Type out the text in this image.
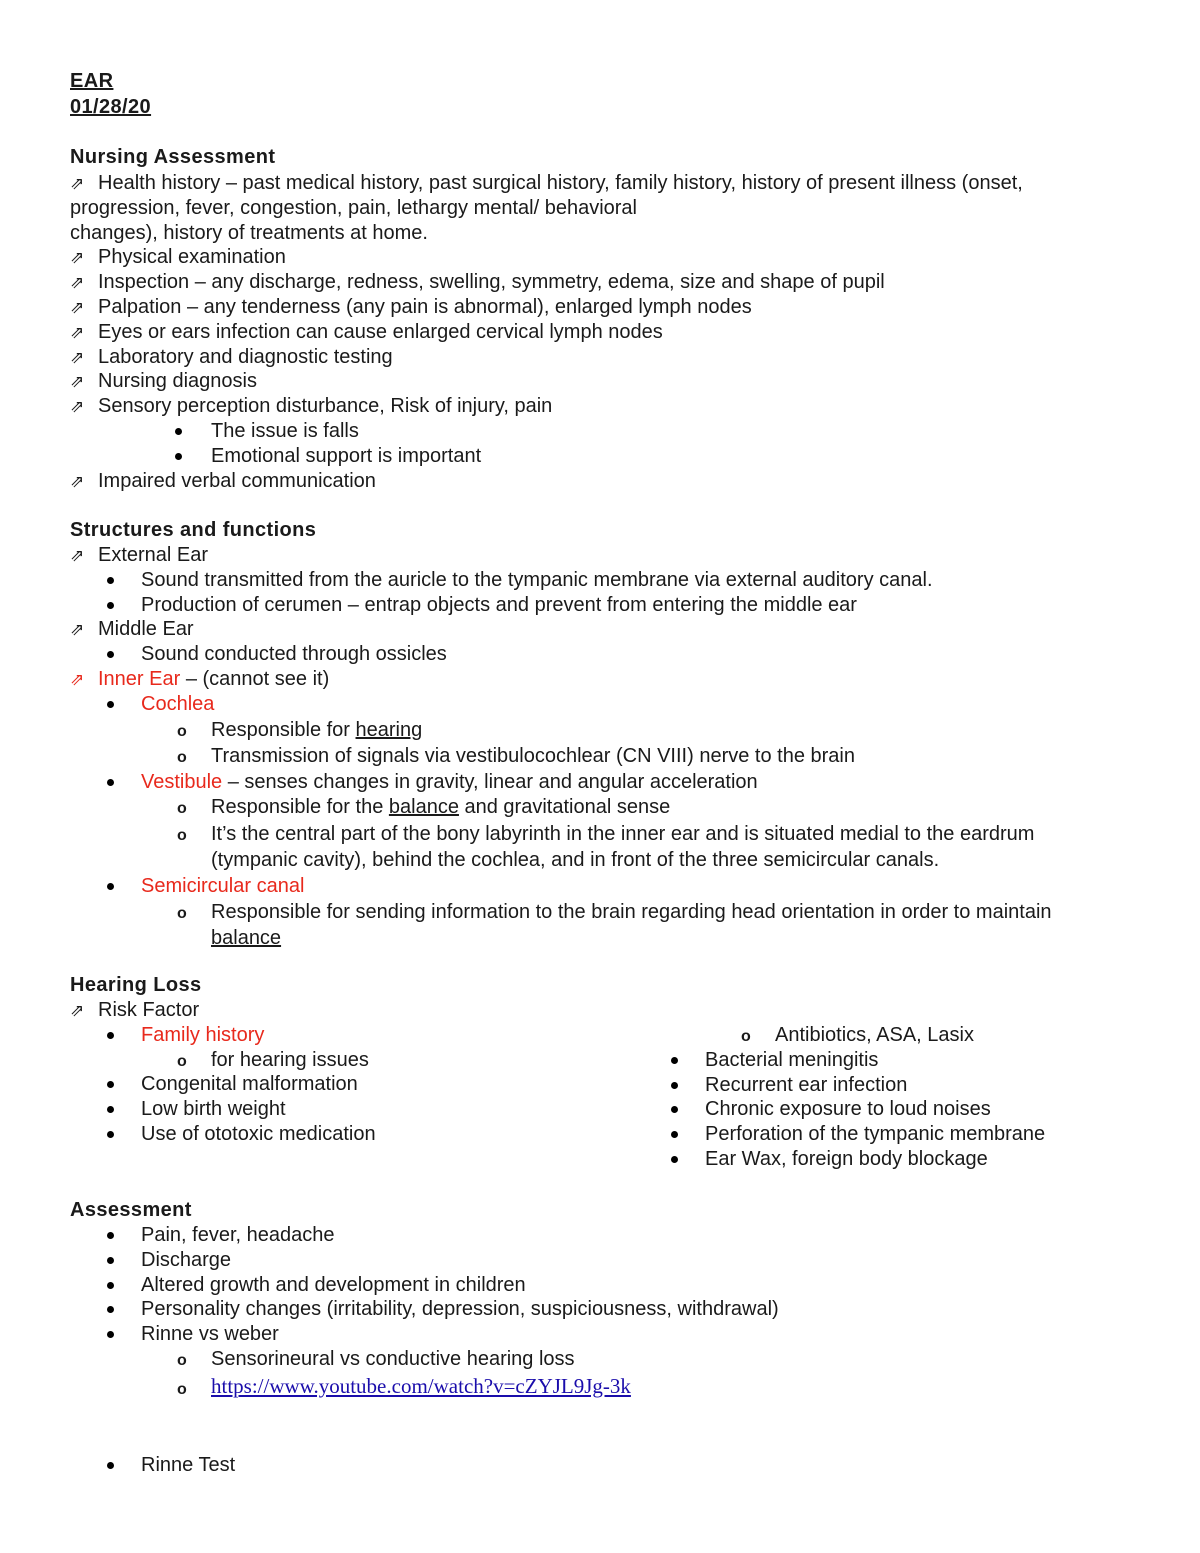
EAR
01/28/20
Nursing Assessment
⇗ Health history – past medical history, past surgical history, family history, history of present illness (onset,
progression, fever, congestion, pain, lethargy mental/ behavioral
changes), history of treatments at home.
⇗ Physical examination
⇗ Inspection – any discharge, redness, swelling, symmetry, edema, size and shape of pupil
⇗ Palpation – any tenderness (any pain is abnormal), enlarged lymph nodes
⇗ Eyes or ears infection can cause enlarged cervical lymph nodes
⇗ Laboratory and diagnostic testing
⇗ Nursing diagnosis
⇗ Sensory perception disturbance, Risk of injury, pain
The issue is falls
Emotional support is important
⇗ Impaired verbal communication
Structures and functions
⇗ External Ear
Sound transmitted from the auricle to the tympanic membrane via external auditory canal.
Production of cerumen – entrap objects and prevent from entering the middle ear
⇗ Middle Ear
Sound conducted through ossicles
⇗ Inner Ear – (cannot see it)
Cochlea
o Responsible for hearing
o Transmission of signals via vestibulocochlear (CN VIII) nerve to the brain
Vestibule – senses changes in gravity, linear and angular acceleration
o Responsible for the balance and gravitational sense
o It’s the central part of the bony labyrinth in the inner ear and is situated medial to the eardrum
(tympanic cavity), behind the cochlea, and in front of the three semicircular canals.
Semicircular canal
o Responsible for sending information to the brain regarding head orientation in order to maintain
balance
Hearing Loss
⇗ Risk Factor
Family history
o for hearing issues
Congenital malformation
Low birth weight
Use of ototoxic medication
o Antibiotics, ASA, Lasix
Bacterial meningitis
Recurrent ear infection
Chronic exposure to loud noises
Perforation of the tympanic membrane
Ear Wax, foreign body blockage
Assessment
Pain, fever, headache
Discharge
Altered growth and development in children
Personality changes (irritability, depression, suspiciousness, withdrawal)
Rinne vs weber
o Sensorineural vs conductive hearing loss
o https://www.youtube.com/watch?v=cZYJL9Jg-3k
Rinne Test
